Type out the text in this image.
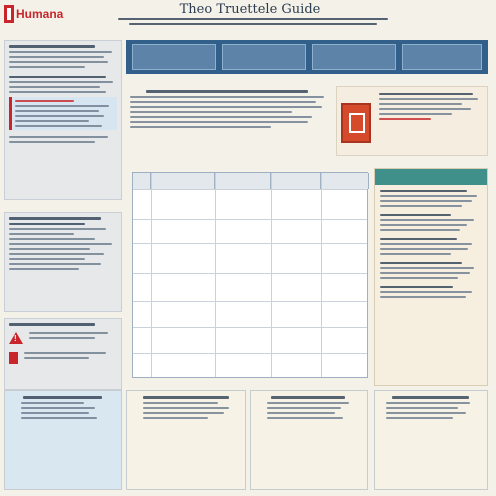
Humana	Theo Truettele Guide
!
